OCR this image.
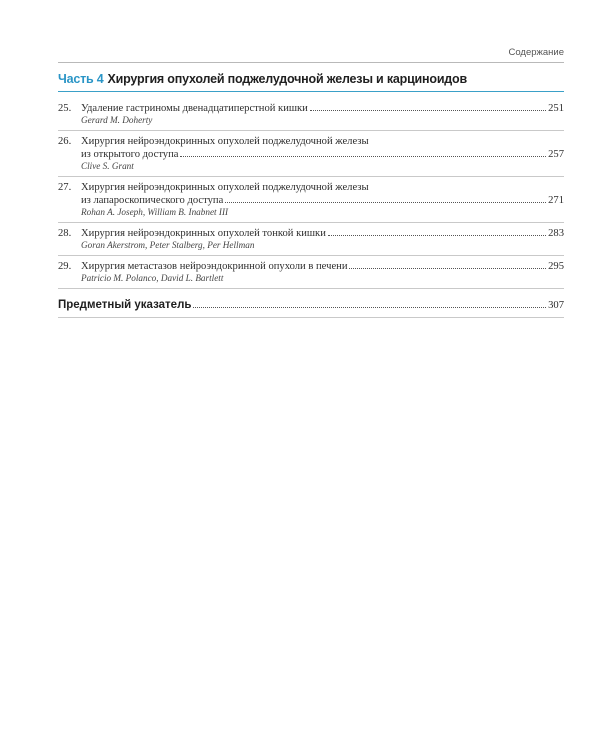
Содержание
Часть 4 Хирургия опухолей поджелудочной железы и карциноидов
25. Удаление гастриномы двенадцатиперстной кишки	251
Gerard M. Doherty
26. Хирургия нейроэндокринных опухолей поджелудочной железы
из открытого доступа	257
Clive S. Grant
27. Хирургия нейроэндокринных опухолей поджелудочной железы
из лапароскопического доступа	271
Rohan A. Joseph, William B. Inabnet III
28. Хирургия нейроэндокринных опухолей тонкой кишки	283
Goran Akerstrom, Peter Stalberg, Per Hellman
29. Хирургия метастазов нейроэндокринной опухоли в печени	295
Patricio M. Polanco, David L. Bartlett
Предметный указатель	307
